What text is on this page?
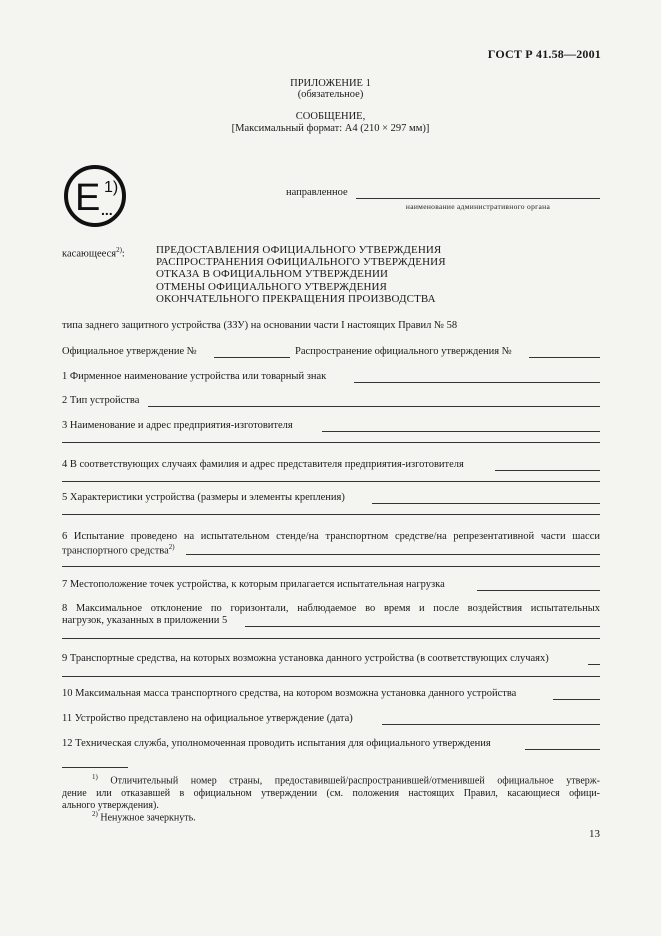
ГОСТ Р 41.58—2001
ПРИЛОЖЕНИЕ 1
(обязательное)
СООБЩЕНИЕ,
[Максимальный формат: А4 (210 × 297 мм)]
E 1)
...
направленное
наименование административного органа
касающееся$^{2)}$:	ПРЕДОСТАВЛЕНИЯ ОФИЦИАЛЬНОГО УТВЕРЖДЕНИЯ
РАСПРОСТРАНЕНИЯ ОФИЦИАЛЬНОГО УТВЕРЖДЕНИЯ
ОТКАЗА В ОФИЦИАЛЬНОМ УТВЕРЖДЕНИИ
ОТМЕНЫ ОФИЦИАЛЬНОГО УТВЕРЖДЕНИЯ
ОКОНЧАТЕЛЬНОГО ПРЕКРАЩЕНИЯ ПРОИЗВОДСТВА
типа заднего защитного устройства (ЗЗУ) на основании части I настоящих Правил № 58
Официальное утверждение №	Распространение официального утверждения №
1 Фирменное наименование устройства или товарный знак
2 Тип устройства
3 Наименование и адрес предприятия-изготовителя
4 В соответствующих случаях фамилия и адрес представителя предприятия-изготовителя
5 Характеристики устройства (размеры и элементы крепления)
6 Испытание проведено на испытательном стенде/на транспортном средстве/на репрезентативной части шасси
транспортного средства$^{2)}$
7 Местоположение точек устройства, к которым прилагается испытательная нагрузка
8 Максимальное отклонение по горизонтали, наблюдаемое во время и после воздействия испытательных
нагрузок, указанных в приложении 5
9 Транспортные средства, на которых возможна установка данного устройства (в соответствующих случаях)
10 Максимальная масса транспортного средства, на котором возможна установка данного устройства
11 Устройство представлено на официальное утверждение (дата)
12 Техническая служба, уполномоченная проводить испытания для официального утверждения
$^{1)}$ Отличительный номер страны, предоставившей/распространившей/отменившей официальное утверж-
дение или отказавшей в официальном утверждении (см. положения настоящих Правил, касающиеся офици-
ального утверждения).
$^{2)}$ Ненужное зачеркнуть.
13
